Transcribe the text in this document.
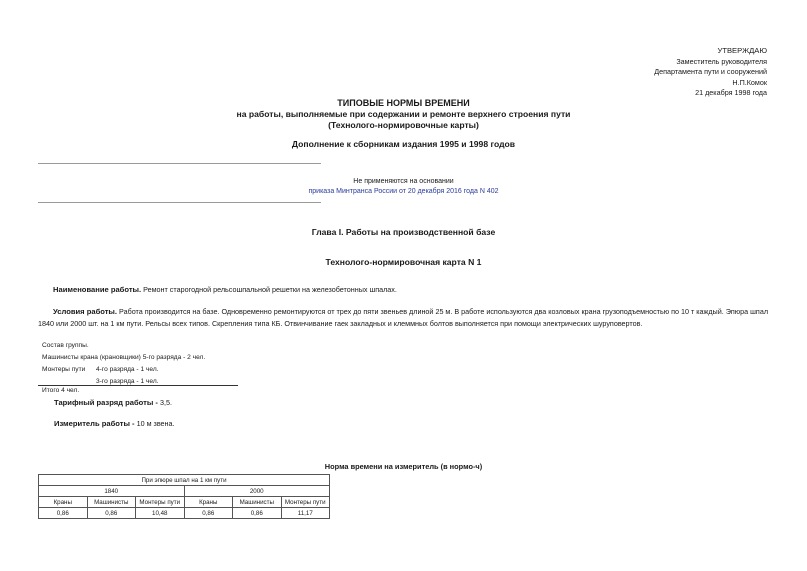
УТВЕРЖДАЮ
Заместитель руководителя
Департамента пути и сооружений
Н.П.Комок
21 декабря 1998 года
ТИПОВЫЕ НОРМЫ ВРЕМЕНИ
на работы, выполняемые при содержании и ремонте верхнего строения пути
(Технолого-нормировочные карты)
Дополнение к сборникам издания 1995 и 1998 годов
Не применяются на основании
приказа Минтранса России от 20 декабря 2016 года N 402
Глава I. Работы на производственной базе
Технолого-нормировочная карта N 1
Наименование работы. Ремонт старогодной рельсошпальной решетки на железобетонных шпалах.
Условия работы. Работа производится на базе. Одновременно ремонтируются от трех до пяти звеньев длиной 25 м. В работе используются два козловых крана грузоподъемностью по 10 т каждый. Эпюра шпал 1840 или 2000 шт. на 1 км пути. Рельсы всех типов. Скрепления типа КБ. Отвинчивание гаек закладных и клеммных болтов выполняется при помощи электрических шуруповертов.
Состав группы.
Машинисты крана (крановщики) 5-го разряда - 2 чел.
Монтеры пути 4-го разряда - 1 чел.
3-го разряда - 1 чел.
Итого 4 чел.
Тарифный разряд работы - 3,5.
Измеритель работы - 10 м звена.
Норма времени на измеритель (в нормо-ч)
При эпюре шпал на 1 км пути					
1840			2000		
Краны	Машинисты	Монтеры пути	Краны	Машинисты	Монтеры пути
0,86	0,86	10,48	0,86	0,86	11,17
